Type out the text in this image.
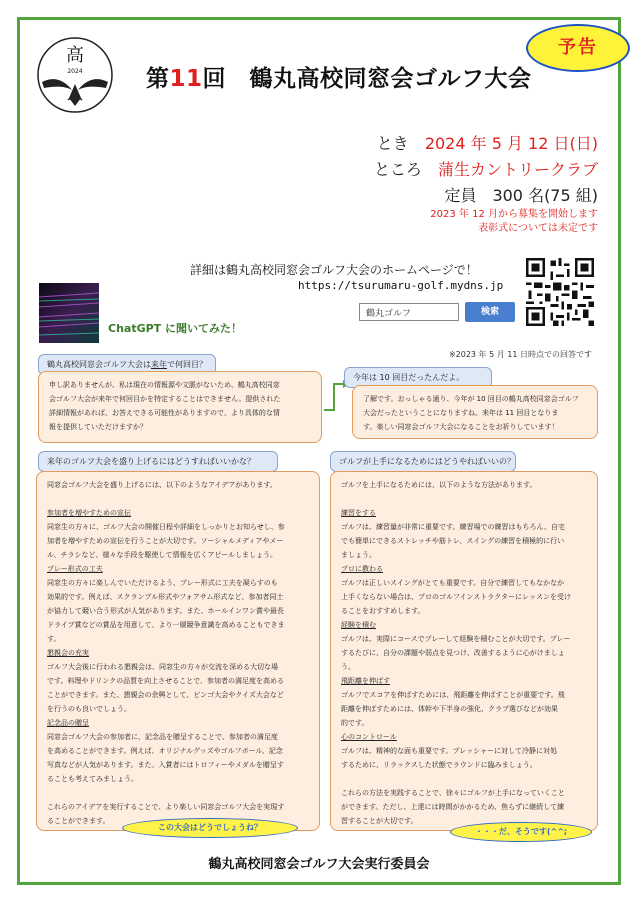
高
2024
予告
第11回　鶴丸高校同窓会ゴルフ大会
とき　 2024 年 5 月 12 日(日)
ところ　 蒲生カントリークラブ
定員　300 名(75 組)
2023 年 12 月から募集を開始します
表彰式については未定です
詳細は鶴丸高校同窓会ゴルフ大会のホームページで！
https://tsurumaru-golf.mydns.jp
鶴丸ゴルフ	検索
ChatGPT に聞いてみた！
※2023 年 5 月 11 日時点での回答です
鶴丸高校同窓会ゴルフ大会は来年で何回目？

申し訳ありませんが、私は現在の情報源や文脈がないため、鶴丸高校同窓

会ゴルフ大会が来年で何回目かを特定することはできません。提供された

詳細情報があれば、お答えできる可能性がありますので、より具体的な情

報を提供していただけますか？

今年は 10 回目だったんだよ。

了解です。おっしゃる通り、今年が 10 回目の鶴丸高校同窓会ゴルフ

大会だったということになりますね。来年は 11 回目となりま

す。楽しい同窓会ゴルフ大会になることをお祈りしています！

来年のゴルフ大会を盛り上げるにはどうすればいいかな？

同窓会ゴルフ大会を盛り上げるには、以下のようなアイデアがあります。

参加者を増やすための宣伝

同窓生の方々に、ゴルフ大会の開催日程や詳細をしっかりとお知らせし、参

加者を増やすための宣伝を行うことが大切です。ソーシャルメディアやメー

ル、チラシなど、様々な手段を駆使して情報を広くアピールしましょう。

プレー形式の工夫

同窓生の方々に楽しんでいただけるよう、プレー形式に工夫を凝らすのも

効果的です。例えば、スクランブル形式やフォアサム形式など、参加者同士

が協力して競い合う形式が人気があります。また、ホールインワン賞や最長

ドライブ賞などの賞品を用意して、より一層競争意識を高めることもできま

す。

懇親会の充実

ゴルフ大会後に行われる懇親会は、同窓生の方々が交流を深める大切な場

です。料理やドリンクの品質を向上させることで、参加者の満足度を高める

ことができます。また、懇親会の余興として、ビンゴ大会やクイズ大会など

を行うのも良いでしょう。

記念品の贈呈

同窓会ゴルフ大会の参加者に、記念品を贈呈することで、参加者の満足度

を高めることができます。例えば、オリジナルグッズやゴルフボール、記念

写真などが人気があります。また、入賞者にはトロフィーやメダルを贈呈す

ることも考えてみましょう。

これらのアイデアを実行することで、より楽しい同窓会ゴルフ大会を実現す

ることができます。

ゴルフが上手になるためにはどうやればいいの？

ゴルフを上手になるためには、以下のような方法があります。

練習をする

ゴルフは、練習量が非常に重要です。練習場での練習はもちろん、自宅

でも簡単にできるストレッチや筋トレ、スイングの練習を積極的に行い

ましょう。

プロに教わる

ゴルフは正しいスイングがとても重要です。自分で練習してもなかなか

上手くならない場合は、プロのゴルフインストラクターにレッスンを受け

ることをおすすめします。

経験を積む

ゴルフは、実際にコースでプレーして経験を積むことが大切です。プレー

するたびに、自分の課題や弱点を見つけ、改善するように心がけましょ

う。

飛距離を伸ばす

ゴルフでスコアを伸ばすためには、飛距離を伸ばすことが重要です。飛

距離を伸ばすためには、体幹や下半身の強化、クラブ選びなどが効果

的です。

心のコントロール

ゴルフは、精神的な面も重要です。プレッシャーに対して冷静に対処

するために、リラックスした状態でラウンドに臨みましょう。

これらの方法を実践することで、徐々にゴルフが上手になっていくこと

ができます。ただし、上達には時間がかかるため、焦らずに継続して練

習することが大切です。

この大会はどうでしょうね？	・・・だ、そうです(^^;
鶴丸高校同窓会ゴルフ大会実行委員会
